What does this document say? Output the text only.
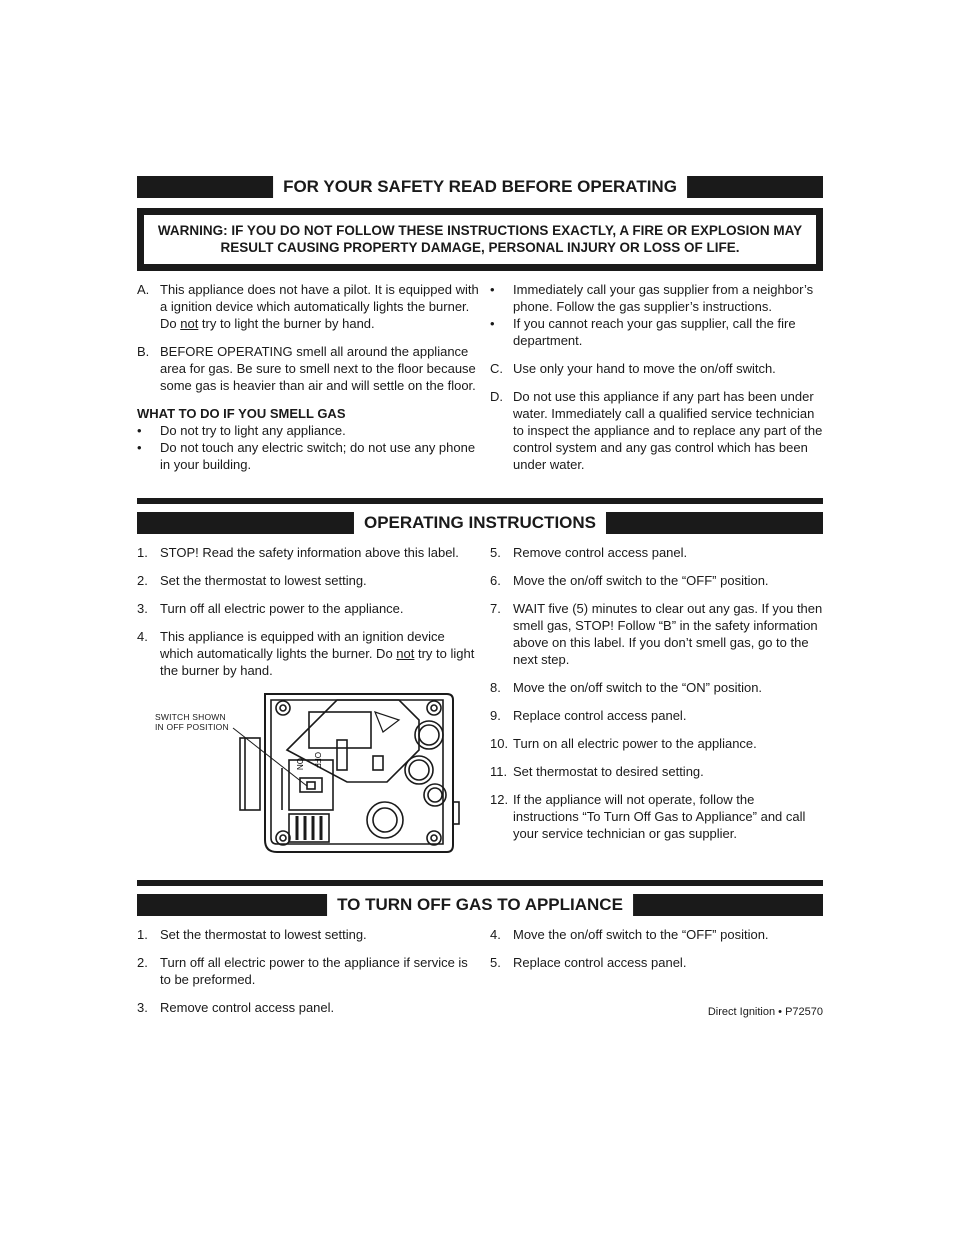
FOR YOUR SAFETY READ BEFORE OPERATING
WARNING: IF YOU DO NOT FOLLOW THESE INSTRUCTIONS EXACTLY, A FIRE OR EXPLOSION MAY RESULT CAUSING PROPERTY DAMAGE, PERSONAL INJURY OR LOSS OF LIFE.
A. This appliance does not have a pilot. It is equipped with a ignition device which automatically lights the burner. Do not try to light the burner by hand.
B. BEFORE OPERATING smell all around the appliance area for gas. Be sure to smell next to the floor because some gas is heavier than air and will settle on the floor.
WHAT TO DO IF YOU SMELL GAS
•	Do not try to light any appliance.
•	Do not touch any electric switch; do not use any phone in your building.
•	Immediately call your gas supplier from a neighbor’s phone. Follow the gas supplier’s instructions.
•	If you cannot reach your gas supplier, call the fire department.
C. Use only your hand to move the on/off switch.
D. Do not use this appliance if any part has been under water. Immediately call a qualified service technician to inspect the appliance and to replace any part of the control system and any gas control which has been under water.
OPERATING INSTRUCTIONS
1. STOP! Read the safety information above this label.
2. Set the thermostat to lowest setting.
3. Turn off all electric power to the appliance.
4. This appliance is equipped with an ignition device which automatically lights the burner. Do not try to light the burner by hand.
SWITCH SHOWN
IN OFF POSITION
ON OFF
5. Remove control access panel.
6. Move the on/off switch to the “OFF” position.
7. WAIT five (5) minutes to clear out any gas. If you then smell gas, STOP! Follow “B” in the safety information above on this label. If you don’t smell gas, go to the next step.
8. Move the on/off switch to the “ON” position.
9. Replace control access panel.
10. Turn on all electric power to the appliance.
11. Set thermostat to desired setting.
12. If the appliance will not operate, follow the instructions “To Turn Off Gas to Appliance” and call your service technician or gas supplier.
TO TURN OFF GAS TO APPLIANCE
1. Set the thermostat to lowest setting.
2. Turn off all electric power to the appliance if service is to be preformed.
3. Remove control access panel.
4. Move the on/off switch to the “OFF” position.
5. Replace control access panel.
Direct Ignition • P72570
